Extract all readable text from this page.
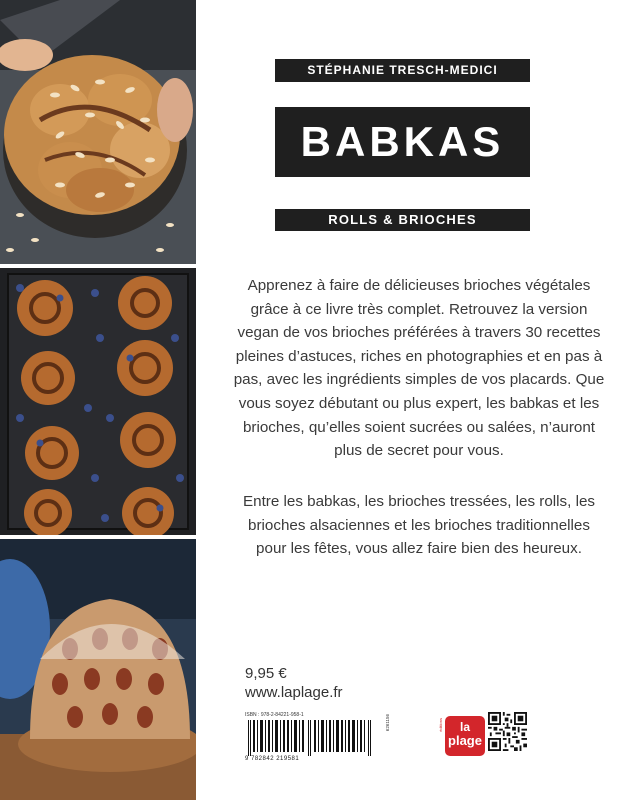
STÉPHANIE TRESCH-MEDICI
BABKAS
ROLLS & BRIOCHES

Apprenez à faire de délicieuses brioches végétales grâce à ce livre très complet. Retrouvez la version vegan de vos brioches préférées à travers 30 recettes pleines d’astuces, riches en photographies et en pas à pas, avec les ingrédients simples de vos placards. Que vous soyez débutant ou plus expert, les babkas et les brioches, qu’elles soient sucrées ou salées, n’auront plus de secret pour vous.

Entre les babkas, les brioches tressées, les rolls, les brioches alsaciennes et les brioches traditionnelles pour les fêtes, vous allez faire bien des heureux.

9,95 €
www.laplage.fr
ISBN : 978-2-84221-958-1
9 782842 219581
6261156	éditions	la
plage
